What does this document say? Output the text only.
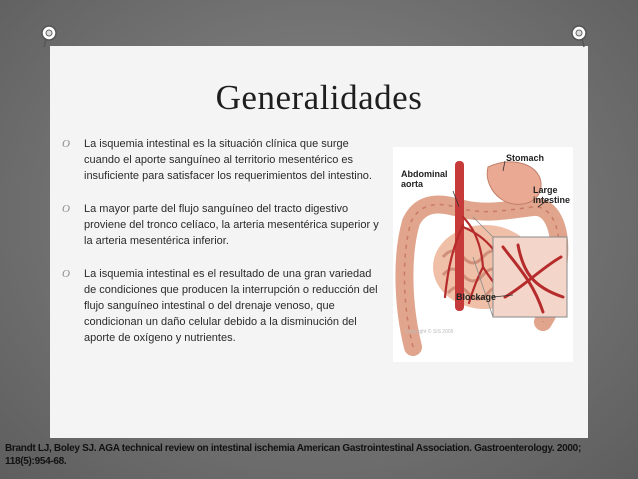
Generalidades
O La isquemia intestinal es la situación clínica que surge cuando el aporte sanguíneo al territorio mesentérico es insuficiente para satisfacer los requerimientos del intestino.
O La mayor parte del flujo sanguíneo del tracto digestivo proviene del tronco celíaco, la arteria mesentérica superior y la arteria mesentérica inferior.
O La isquemia intestinal es el resultado de una gran variedad de condiciones que producen la interrupción o reducción del flujo sanguíneo intestinal o del drenaje venoso, que condicionan un daño celular debido a la disminución del aporte de oxígeno y nutrientes.
Stomach
Abdominal aorta
Large intestine
Blockage
Copyright © SIS 2005
Brandt LJ, Boley SJ. AGA technical review on intestinal ischemia American Gastrointestinal Association. Gastroenterology. 2000; 118(5):954-68.
